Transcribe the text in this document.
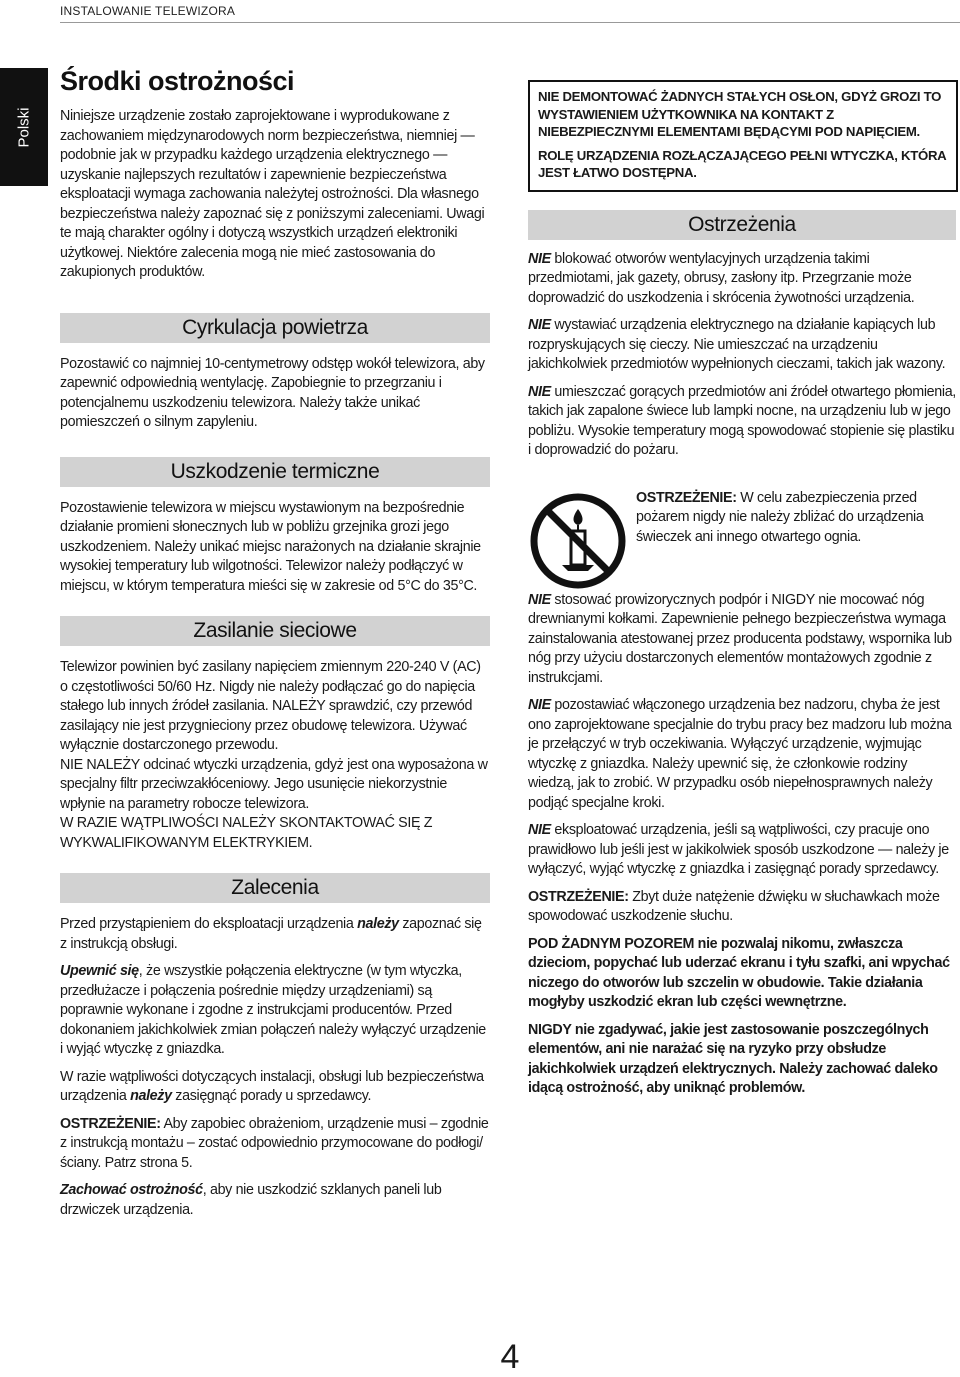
INSTALOWANIE TELEWIZORA
Polski
Środki ostrożności

Niniejsze urządzenie zostało zaprojektowane i wyprodukowane z zachowaniem międzynarodowych norm bezpieczeństwa, niemniej — podobnie jak w przypadku każdego urządzenia elektrycznego — uzyskanie najlepszych rezultatów i zapewnienie bezpieczeństwa eksploatacji wymaga zachowania należytej ostrożności. Dla własnego bezpieczeństwa należy zapoznać się z poniższymi zaleceniami. Uwagi te mają charakter ogólny i dotyczą wszystkich urządzeń elektroniki użytkowej. Niektóre zalecenia mogą nie mieć zastosowania do zakupionych produktów.

Cyrkulacja powietrza

Pozostawić co najmniej 10-centymetrowy odstęp wokół telewizora, aby zapewnić odpowiednią wentylację. Zapobiegnie to przegrzaniu i potencjalnemu uszkodzeniu telewizora. Należy także unikać pomieszczeń o silnym zapyleniu.

Uszkodzenie termiczne

Pozostawienie telewizora w miejscu wystawionym na bezpośrednie działanie promieni słonecznych lub w pobliżu grzejnika grozi jego uszkodzeniem. Należy unikać miejsc narażonych na działanie skrajnie wysokiej temperatury lub wilgotności. Telewizor należy podłączyć w miejscu, w którym temperatura mieści się w zakresie od 5°C do 35°C.

Zasilanie sieciowe

Telewizor powinien być zasilany napięciem zmiennym 220-240 V (AC) o częstotliwości 50/60 Hz. Nigdy nie należy podłączać go do napięcia stałego lub innych źródeł zasilania. NALEŻY sprawdzić, czy przewód zasilający nie jest przygnieciony przez obudowę telewizora. Używać wyłącznie dostarczonego przewodu.

NIE NALEŻY odcinać wtyczki urządzenia, gdyż jest ona wyposażona w specjalny filtr przeciwzakłóceniowy. Jego usunięcie niekorzystnie wpłynie na parametry robocze telewizora.

W RAZIE WĄTPLIWOŚCI NALEŻY SKONTAKTOWAĆ SIĘ Z WYKWALIFIKOWANYM ELEKTRYKIEM.

Zalecenia

Przed przystąpieniem do eksploatacji urządzenia należy zapoznać się z instrukcją obsługi.

Upewnić się, że wszystkie połączenia elektryczne (w tym wtyczka, przedłużacze i połączenia pośrednie między urządzeniami) są poprawnie wykonane i zgodne z instrukcjami producentów. Przed dokonaniem jakichkolwiek zmian połączeń należy wyłączyć urządzenie i wyjąć wtyczkę z gniazdka.

W razie wątpliwości dotyczących instalacji, obsługi lub bezpieczeństwa urządzenia należy zasięgnąć porady u sprzedawcy.

OSTRZEŻENIE: Aby zapobiec obrażeniom, urządzenie musi – zgodnie z instrukcją montażu – zostać odpowiednio przymocowane do podłogi/ściany. Patrz strona 5.

Zachować ostrożność, aby nie uszkodzić szklanych paneli lub drzwiczek urządzenia.

NIE DEMONTOWAĆ ŻADNYCH STAŁYCH OSŁON, GDYŻ GROZI TO WYSTAWIENIEM UŻYTKOWNIKA NA KONTAKT Z NIEBEZPIECZNYMI ELEMENTAMI BĘDĄCYMI POD NAPIĘCIEM.

ROLĘ URZĄDZENIA ROZŁĄCZAJĄCEGO PEŁNI WTYCZKA, KTÓRA JEST ŁATWO DOSTĘPNA.

Ostrzeżenia

NIE blokować otworów wentylacyjnych urządzenia takimi przedmiotami, jak gazety, obrusy, zasłony itp. Przegrzanie może doprowadzić do uszkodzenia i skrócenia żywotności urządzenia.

NIE wystawiać urządzenia elektrycznego na działanie kapiących lub rozpryskujących się cieczy. Nie umieszczać na urządzeniu jakichkolwiek przedmiotów wypełnionych cieczami, takich jak wazony.

NIE umieszczać gorących przedmiotów ani źródeł otwartego płomienia, takich jak zapalone świece lub lampki nocne, na urządzeniu lub w jego pobliżu. Wysokie temperatury mogą spowodować stopienie się plastiku i doprowadzić do pożaru.

OSTRZEŻENIE: W celu zabezpieczenia przed pożarem nigdy nie należy zbliżać do urządzenia świeczek ani innego otwartego ognia.

NIE stosować prowizorycznych podpór i NIGDY nie mocować nóg drewnianymi kołkami. Zapewnienie pełnego bezpieczeństwa wymaga zainstalowania atestowanej przez producenta podstawy, wspornika lub nóg przy użyciu dostarczonych elementów montażowych zgodnie z instrukcjami.

NIE pozostawiać włączonego urządzenia bez nadzoru, chyba że jest ono zaprojektowane specjalnie do trybu pracy bez madzoru lub można je przełączyć w tryb oczekiwania. Wyłączyć urządzenie, wyjmując wtyczkę z gniazdka. Należy upewnić się, że członkowie rodziny wiedzą, jak to zrobić. W przypadku osób niepełnosprawnych należy podjąć specjalne kroki.

NIE eksploatować urządzenia, jeśli są wątpliwości, czy pracuje ono prawidłowo lub jeśli jest w jakikolwiek sposób uszkodzone — należy je wyłączyć, wyjąć wtyczkę z gniazdka i zasięgnąć porady sprzedawcy.

OSTRZEŻENIE: Zbyt duże natężenie dźwięku w słuchawkach może spowodować uszkodzenie słuchu.

POD ŻADNYM POZOREM nie pozwalaj nikomu, zwłaszcza dzieciom, popychać lub uderzać ekranu i tyłu szafki, ani wpychać niczego do otworów lub szczelin w obudowie. Takie działania mogłyby uszkodzić ekran lub części wewnętrzne.

NIGDY nie zgadywać, jakie jest zastosowanie poszczególnych elementów, ani nie narażać się na ryzyko przy obsłudze jakichkolwiek urządzeń elektrycznych. Należy zachować daleko idącą ostrożność, aby uniknąć problemów.

4
